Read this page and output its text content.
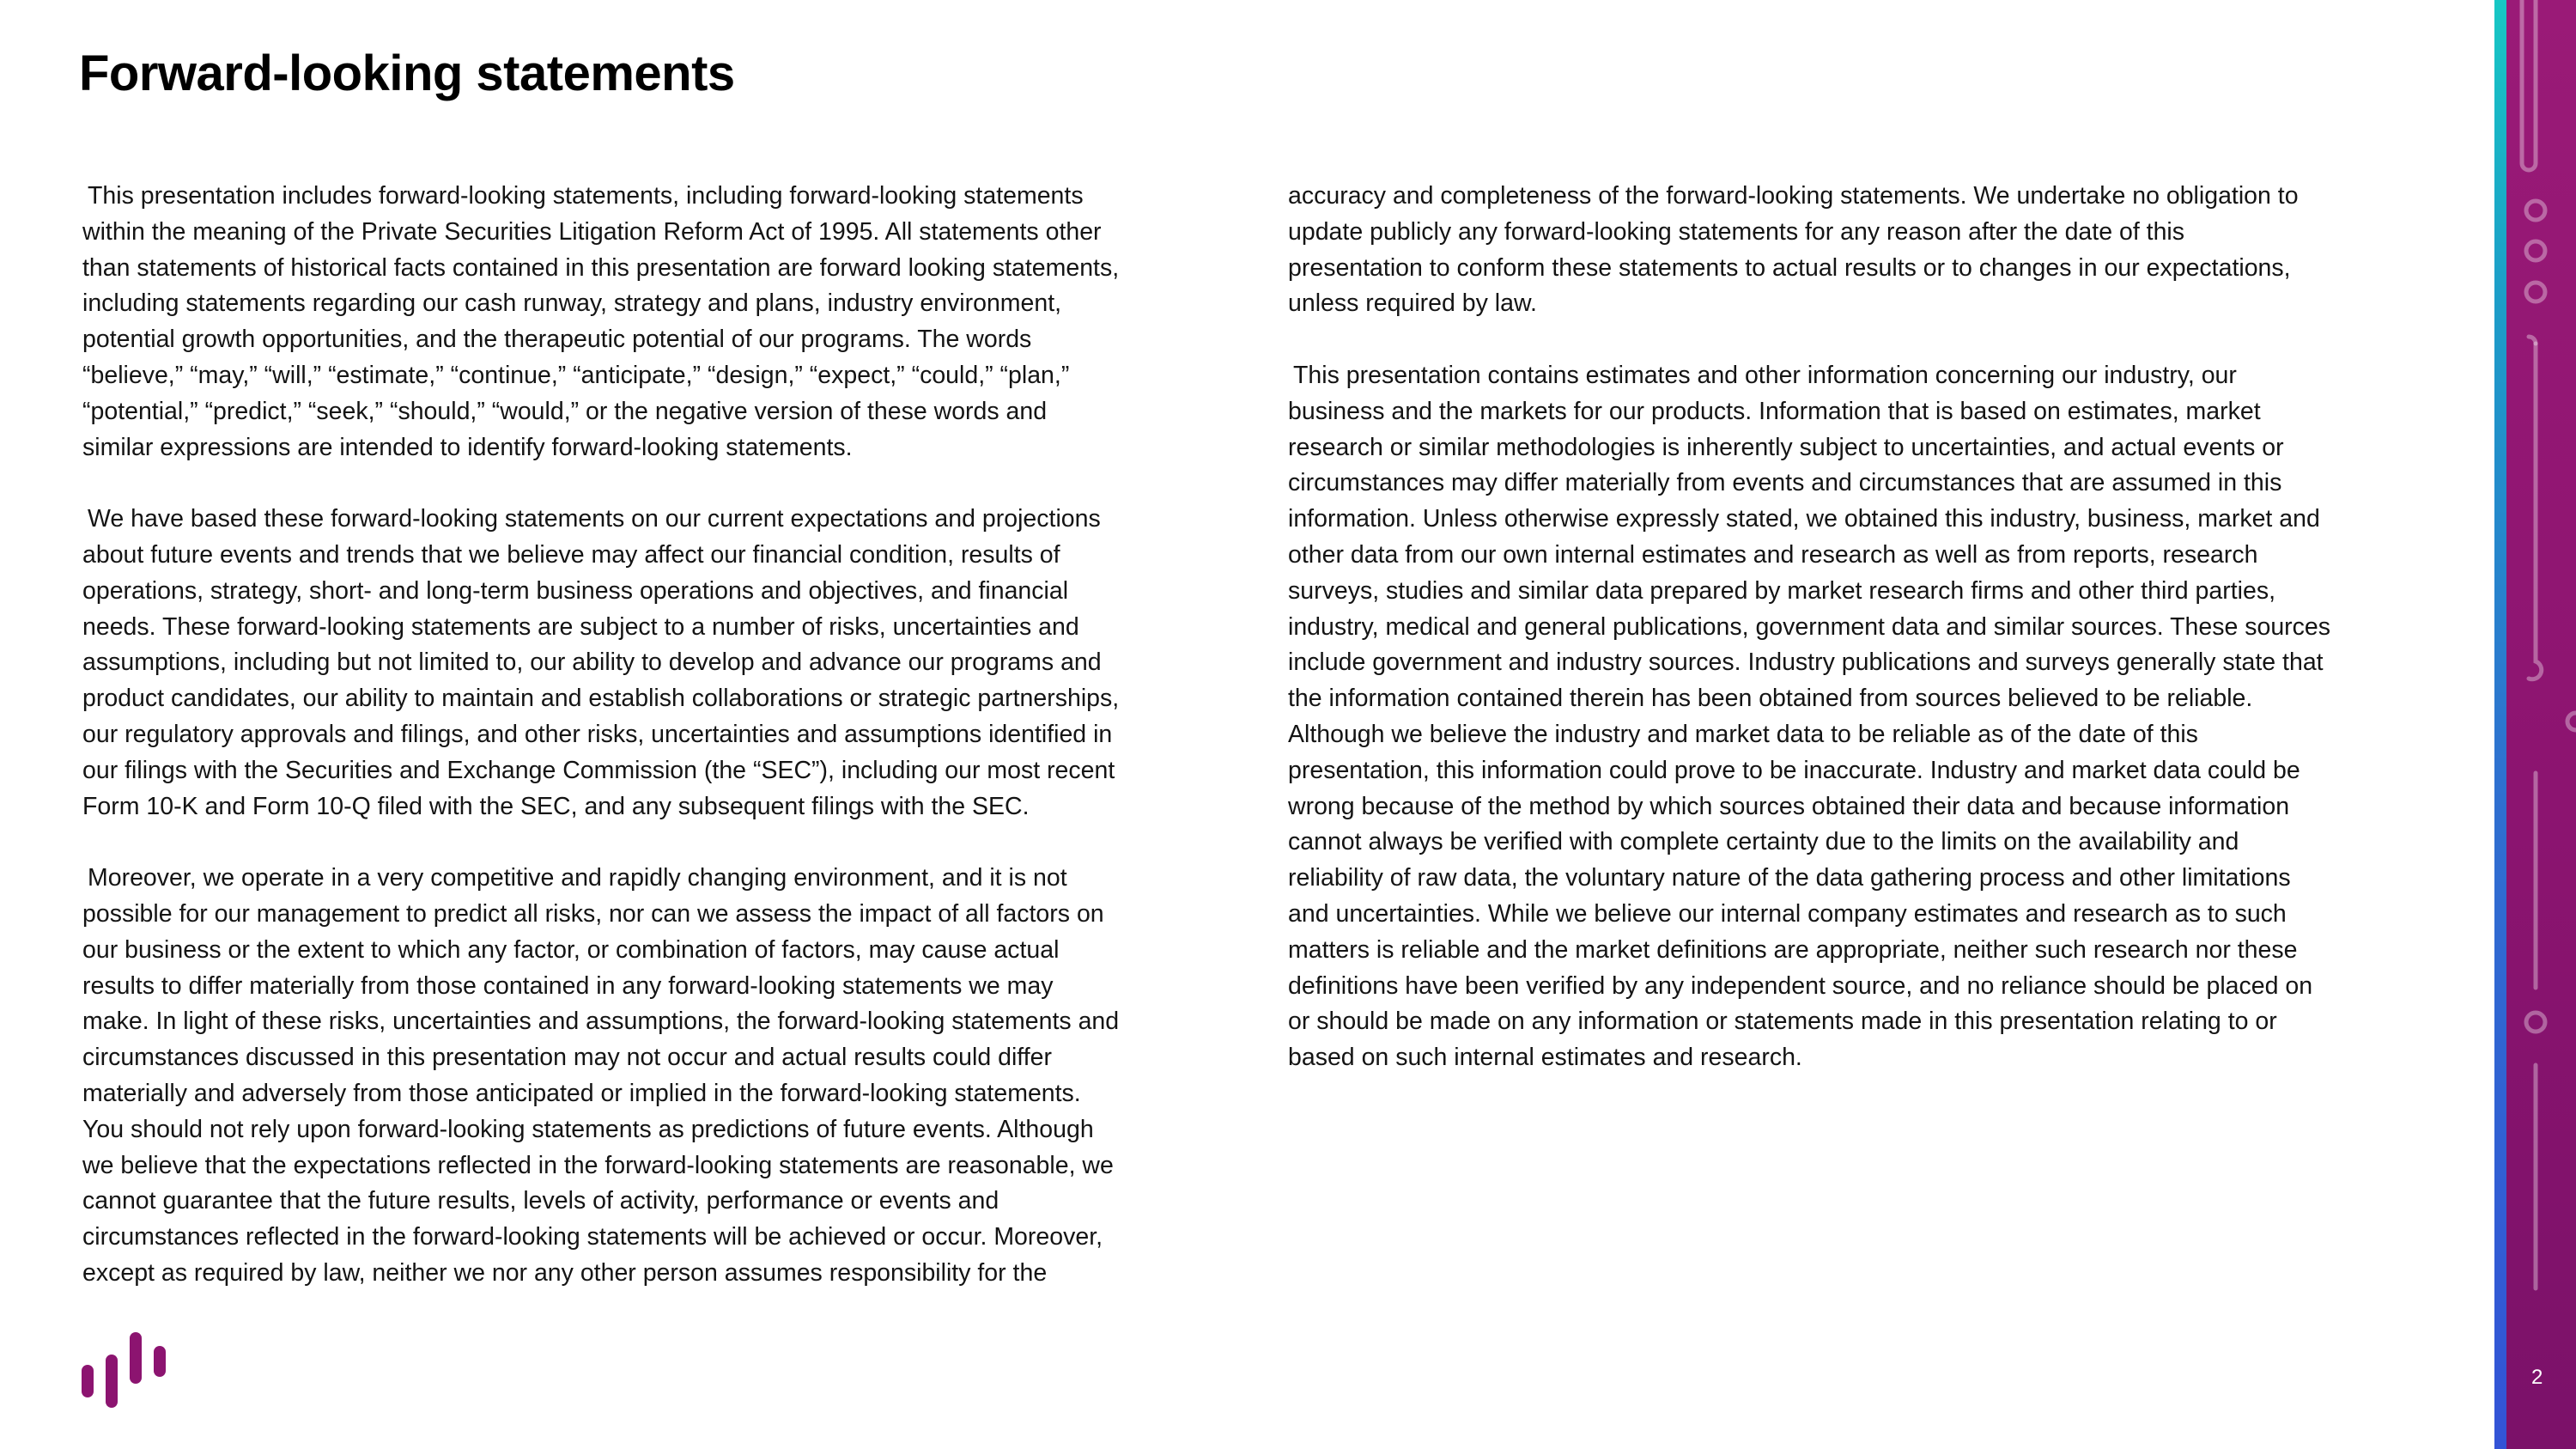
Forward-looking statements

This presentation includes forward-looking statements, including forward-looking statements
within the meaning of the Private Securities Litigation Reform Act of 1995. All statements other
than statements of historical facts contained in this presentation are forward looking statements,
including statements regarding our cash runway, strategy and plans, industry environment,
potential growth opportunities, and the therapeutic potential of our programs. The words
“believe,” “may,” “will,” “estimate,” “continue,” “anticipate,” “design,” “expect,” “could,” “plan,”
“potential,” “predict,” “seek,” “should,” “would,” or the negative version of these words and
similar expressions are intended to identify forward-looking statements.

We have based these forward-looking statements on our current expectations and projections
about future events and trends that we believe may affect our financial condition, results of
operations, strategy, short- and long-term business operations and objectives, and financial
needs. These forward-looking statements are subject to a number of risks, uncertainties and
assumptions, including but not limited to, our ability to develop and advance our programs and
product candidates, our ability to maintain and establish collaborations or strategic partnerships,
our regulatory approvals and filings, and other risks, uncertainties and assumptions identified in
our filings with the Securities and Exchange Commission (the “SEC”), including our most recent
Form 10-K and Form 10-Q filed with the SEC, and any subsequent filings with the SEC.

Moreover, we operate in a very competitive and rapidly changing environment, and it is not
possible for our management to predict all risks, nor can we assess the impact of all factors on
our business or the extent to which any factor, or combination of factors, may cause actual
results to differ materially from those contained in any forward-looking statements we may
make. In light of these risks, uncertainties and assumptions, the forward-looking statements and
circumstances discussed in this presentation may not occur and actual results could differ
materially and adversely from those anticipated or implied in the forward-looking statements.
You should not rely upon forward-looking statements as predictions of future events. Although
we believe that the expectations reflected in the forward-looking statements are reasonable, we
cannot guarantee that the future results, levels of activity, performance or events and
circumstances reflected in the forward-looking statements will be achieved or occur. Moreover,
except as required by law, neither we nor any other person assumes responsibility for the

accuracy and completeness of the forward-looking statements. We undertake no obligation to
update publicly any forward-looking statements for any reason after the date of this
presentation to conform these statements to actual results or to changes in our expectations,
unless required by law.

This presentation contains estimates and other information concerning our industry, our
business and the markets for our products. Information that is based on estimates, market
research or similar methodologies is inherently subject to uncertainties, and actual events or
circumstances may differ materially from events and circumstances that are assumed in this
information. Unless otherwise expressly stated, we obtained this industry, business, market and
other data from our own internal estimates and research as well as from reports, research
surveys, studies and similar data prepared by market research firms and other third parties,
industry, medical and general publications, government data and similar sources. These sources
include government and industry sources. Industry publications and surveys generally state that
the information contained therein has been obtained from sources believed to be reliable.
Although we believe the industry and market data to be reliable as of the date of this
presentation, this information could prove to be inaccurate. Industry and market data could be
wrong because of the method by which sources obtained their data and because information
cannot always be verified with complete certainty due to the limits on the availability and
reliability of raw data, the voluntary nature of the data gathering process and other limitations
and uncertainties. While we believe our internal company estimates and research as to such
matters is reliable and the market definitions are appropriate, neither such research nor these
definitions have been verified by any independent source, and no reliance should be placed on
or should be made on any information or statements made in this presentation relating to or
based on such internal estimates and research.

2
